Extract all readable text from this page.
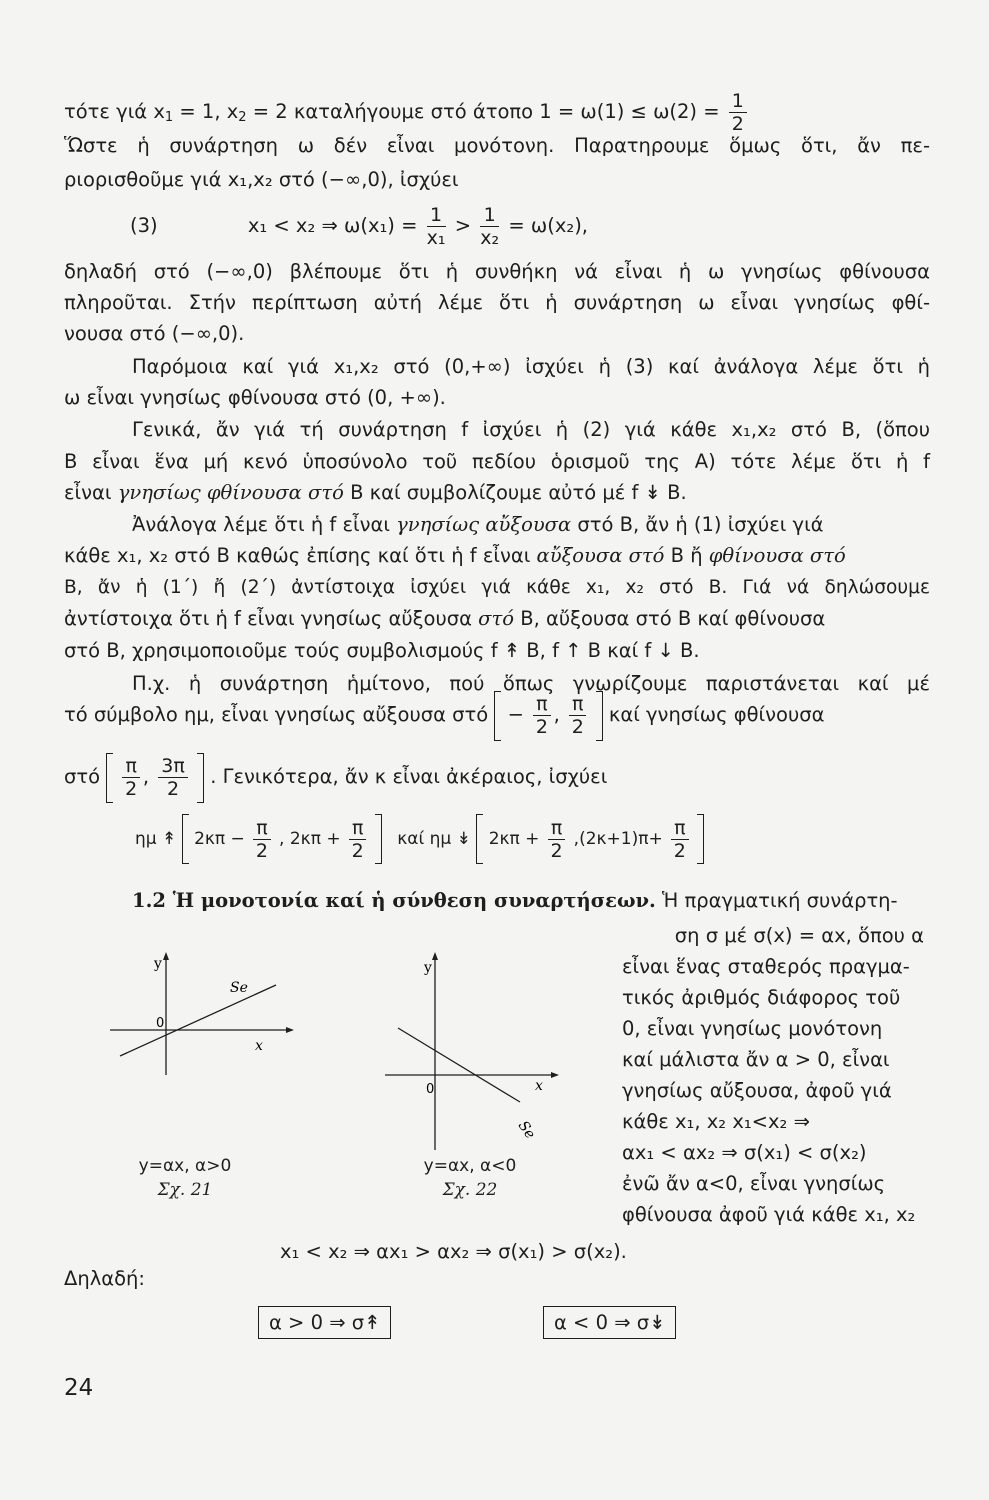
τότε γιά $x_1 = 1$, $x_2 = 2$ καταλήγουμε στό άτοπο $1 = \omega(1) \le \omega(2) = \frac{1}{2}$
Ὥστε ἡ συνάρτηση ω δέν εἶναι μονότονη. Παρατηρουμε ὅμως ὅτι, ἄν πε-
ριορισθοῦμε γιά x₁,x₂ στό (−∞,0), ἰσχύει
(3)	x₁ < x₂ ⇒ $\omega(x_1) = \frac{1}{\text{x₁}} > \frac{1}{\text{x₂}} = \omega(x_2)$,
δηλαδή στό (−∞,0) βλέπουμε ὅτι ἡ συνθήκη νά εἶναι ἡ ω γνησίως φθίνουσα
πληροῦται. Στήν περίπτωση αὐτή λέμε ὅτι ἡ συνάρτηση ω εἶναι γνησίως φθί-
νουσα στό (−∞,0).
Παρόμοια καί γιά x₁,x₂ στό (0,+∞) ἰσχύει ἡ (3) καί ἀνάλογα λέμε ὅτι ἡ
ω εἶναι γνησίως φθίνουσα στό (0, +∞).
Γενικά, ἄν γιά τή συνάρτηση f ἰσχύει ἡ (2) γιά κάθε x₁,x₂ στό Β, (ὅπου
Β εἶναι ἕνα μή κενό ὑποσύνολο τοῦ πεδίου ὁρισμοῦ της Α) τότε λέμε ὅτι ἡ f
εἶναι γνησίως φθίνουσα στό Β καί συμβολίζουμε αὐτό μέ f ↡ Β.
Ἀνάλογα λέμε ὅτι ἡ f εἶναι γνησίως αὔξουσα στό Β, ἄν ἡ (1) ἰσχύει γιά
κάθε x₁, x₂ στό Β καθώς ἐπίσης καί ὅτι ἡ f εἶναι αὔξουσα στό Β ἤ φθίνουσα στό
Β, ἄν ἡ (1΄) ἤ (2΄) ἀντίστοιχα ἰσχύει γιά κάθε x₁, x₂ στό Β. Γιά νά δηλώσουμε
ἀντίστοιχα ὅτι ἡ f εἶναι γνησίως αὔξουσα στό Β, αὔξουσα στό Β καί φθίνουσα
στό Β, χρησιμοποιοῦμε τούς συμβολισμούς f ↟ Β, f ↑ Β καί f ↓ Β.
Π.χ. ἡ συνάρτηση ἡμίτονο, πού ὅπως γνωρίζουμε παριστάνεται καί μέ
τό σύμβολο ημ, εἶναι γνησίως αὔξουσα $\sigma\tau ό - \frac{\pi}{2}$ , $\frac{\pi}{2}$ καί γνησίως φθίνουσα
στό $\frac{\pi}{2}$ , $\frac{3\pi}{2}$ . Γενικότερα, ἄν κ εἶναι ἀκέραιος, ἰσχύει
ημ ↟ $2\kappa\pi - \frac{\pi}{2}$ , $2\kappa\pi + \frac{\pi}{2}$ καί ημ ↡ $2\kappa\pi + \frac{\pi}{2} ,(2\kappa+1)\pi+ \frac{\pi}{2}$

1.2 Ἡ μονοτονία καί ἡ σύνθεση συναρτήσεων. Ἡ πραγματική συνάρτη-
ση σ μέ σ(x) = αx, ὅπου α
εἶναι ἕνας σταθερός πραγμα-
τικός ἀριθμός διάφορος τοῦ
0, εἶναι γνησίως μονότονη
καί μάλιστα ἄν α > 0, εἶναι
γνησίως αὔξουσα, ἀφοῦ γιά
κάθε x₁, x₂ x₁<x₂ ⇒
αx₁ < αx₂ ⇒ σ(x₁) < σ(x₂)
ἐνῶ ἄν α<0, εἶναι γνησίως
φθίνουσα ἀφοῦ γιά κάθε x₁, x₂
y
x
0
Se
y=αx, α>0
Σχ. 21
y
x
0
Se
y=αx, α<0
Σχ. 22
x₁ < x₂ ⇒ αx₁ > αx₂ ⇒ σ(x₁) > σ(x₂).
Δηλαδή:
α > 0 ⇒ σ↟	α < 0 ⇒ σ↡
24
